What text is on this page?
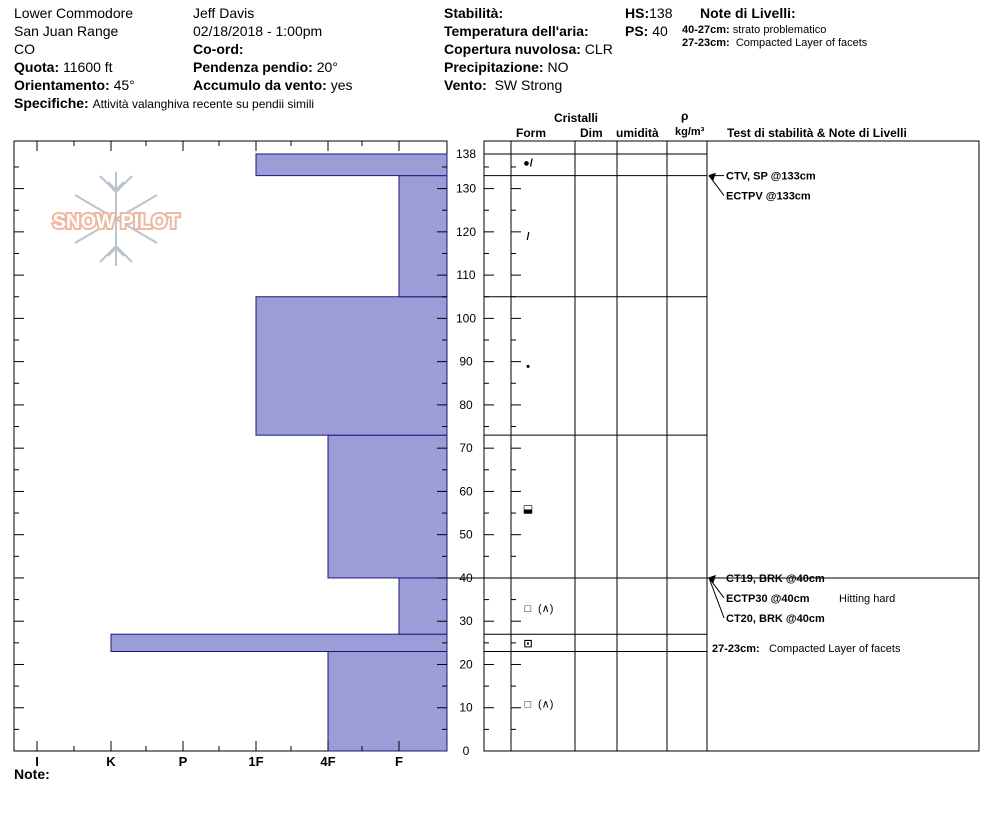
Lower Commodore
San Juan Range
CO
Quota: 11600 ft
Orientamento: 45°
Specifiche: Attività valanghiva recente su pendii simili
Jeff Davis
02/18/2018 - 1:00pm
Co-ord:
Pendenza pendio: 20°
Accumulo da vento: yes
Stabilità:
Temperatura dell'aria:
Copertura nuvolosa: CLR
Precipitazione: NO
Vento: SW Strong
HS:138
PS: 40
Note di Livelli:
40-27cm: strato problematico
27-23cm: Compacted Layer of facets
Cristalli
Form	Dim umidità
ρ
kg/m³ Test di stabilità & Note di Livelli
Note:
SNOW PILOT
I	K	P	1F	4F	F
0
10
20
30
40
50
60
70
80
90
100
110
120
130
138
●/
/
•
⬓
□ (∧)
⊡
□ (∧)
CTV, SP @133cm
ECTPV @133cm
CT19, BRK @40cm
ECTP30 @40cm	Hitting hard
CT20, BRK @40cm
27-23cm: Compacted Layer of facets
